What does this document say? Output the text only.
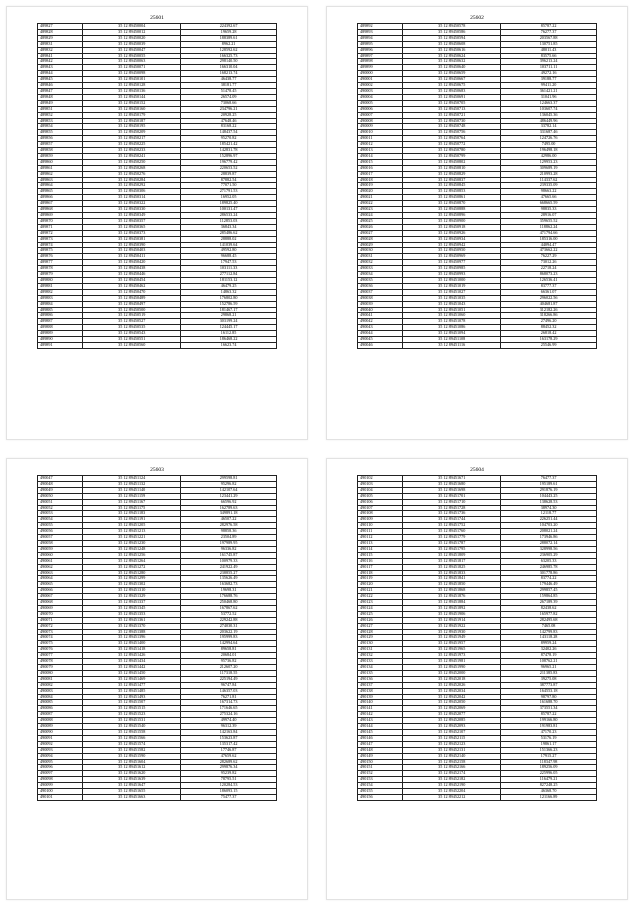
25601
489827	35 12 89450004	224392.67
489828	35 12 89450012	19659.28
489829	35 12 89450020	188389.61
489831	35 12 89450039	8962.21
489832	35 12 89450047	128592.62
489841	35 12 89450055	166325.73
489842	35 12 89450063	298140.50
489843	35 12 89450071	166310.04
489844	35 12 89450098	168213.74
489845	35 12 89450101	46438.77
489846	35 12 89450128	38181.77
489847	35 12 89450136	51478.45
489848	35 12 89450144	26574.09
489849	35 12 89450152	73068.66
489851	35 12 89450160	234796.21
489852	35 12 89450179	20928.25
489853	35 12 89450187	47648.46
489854	35 12 89450195	83168.22
489855	35 12 89450209	148437.54
489856	35 12 89450217	95270.82
489857	35 12 89450225	185421.42
489858	35 12 89450233	142831.78
489859	35 12 89450241	152896.97
489860	35 12 89450250	196779.42
489861	35 12 89450268	220653.52
489862	35 12 89450276	28839.87
489863	35 12 89450284	87882.54
489864	35 12 89450292	77071.50
489865	35 12 89450306	271791.53
489866	35 12 89450314	16952.05
489867	35 12 89450322	189825.40
489868	35 12 89450330	100131.47
489869	35 12 89450349	286533.24
489870	35 12 89450357	112853.03
489871	35 12 89450365	36843.34
489872	35 12 89450373	285486.62
489873	35 12 89450381	28888.02
489874	35 12 89450390	141039.64
489875	35 12 89450403	49592.80
489876	35 12 89450411	96688.45
489877	35 12 89450420	17947.53
489878	35 12 89450438	103111.33
489879	35 12 89450446	277112.84
489880	35 12 89450454	181153.12
489881	35 12 89450462	46479.25
489882	35 12 89450470	14863.32
489883	35 12 89450489	176802.80
489884	35 12 89450497	152786.59
489885	35 12 89450500	181467.17
489886	35 12 89450519	29868.21
489887	35 12 89450527	303199.24
489888	35 12 89450535	124445.17
489889	35 12 89450543	16112.85
489890	35 12 89450551	186468.22
489891	35 12 89450560	16623.74
25602
489892	35 12 89450578	85787.22
489893	35 12 89450586	76277.37
489894	35 12 89450594	203567.88
489895	35 12 89450608	130751.85
489896	35 12 89450616	48011.43
489897	35 12 89450624	83575.66
489898	35 12 89450632	396213.24
489899	35 12 89450640	103711.11
490000	35 12 89450659	49272.16
490001	35 12 89450667	39188.77
490002	35 12 89450675	99411.20
490003	35 12 89450683	361421.21
490004	35 12 89450691	31041.96
490005	35 12 89450705	124663.37
490006	35 12 89450713	103607.74
490007	35 12 89450721	136045.36
490008	35 12 89450730	486449.96
490009	35 12 89450748	33782.14
490010	35 12 89450756	331687.46
490011	35 12 89450764	124726.76
490012	35 12 89450772	7495.00
490013	35 12 89450780	196498.18
490014	35 12 89450799	42986.00
490015	35 12 89450802	129953.23
490016	35 12 89450810	309689.19
490017	35 12 89450829	210993.28
490018	35 12 89450837	114337.62
490019	35 12 89450845	239335.09
490020	35 12 89450853	98663.22
490021	35 12 89450861	47665.66
490022	35 12 89450870	668665.59
490023	35 12 89450888	98835.33
490024	35 12 89450896	28916.07
490025	35 12 89450900	359655.52
490026	35 12 89450918	118862.24
490027	35 12 89450926	471794.66
490028	35 12 89450934	185316.00
490029	35 12 89450942	44094.47
490030	35 12 89450950	473662.22
490031	35 12 89450969	76227.29
490032	35 12 89450977	73012.26
490033	35 12 89450985	22718.24
490034	35 12 89450993	868073.23
490035	35 12 89451000	126536.41
490036	35 12 89451019	83777.37
490037	35 12 89451027	66361.07
490038	35 12 89451035	296022.56
490039	35 12 89451043	404681.87
490040	35 12 89451051	312182.26
490041	35 12 89451060	318266.86
490042	35 12 89451078	27496.20
490043	35 12 89451086	88452.32
490044	35 12 89451094	26818.42
490045	35 12 89451108	163178.29
490046	35 12 89451116	25546.99
25603
490047	35 12 89451124	299598.81
490048	35 12 89451132	95296.82
490049	35 12 89451140	142107.64
490050	35 12 89451159	123441.29
490051	35 12 89451167	66596.92
490052	35 12 89451175	162789.63
490053	35 12 89451183	349891.18
490054	35 12 89451191	46507.22
490055	35 12 89451205	282976.58
490056	35 12 89451213	98858.36
490057	35 12 89451221	23504.89
490058	35 12 89451230	197989.95
490059	35 12 89451248	96336.82
490060	35 12 89451256	161745.87
490061	35 12 89451264	100979.33
490062	35 12 89451272	241922.49
490063	35 12 89451280	238855.27
490064	35 12 89451299	135626.49
490065	35 12 89451302	163682.73
490066	35 12 89451310	19698.31
490067	35 12 89451329	176688.76
490068	35 12 89451337	250468.80
490069	35 12 89451345	167867.62
490070	35 12 89451353	53772.52
490071	35 12 89451361	229242.88
490072	35 12 89451370	274030.31
490073	35 12 89451388	203622.19
490074	35 12 89451396	195999.83
490075	35 12 89451400	142994.64
490076	35 12 89451418	89658.81
490077	35 12 89451426	20684.01
490078	35 12 89451434	95736.82
490079	35 12 89451442	212607.20
490080	35 12 89451450	117318.55
490081	35 12 89451469	225194.49
490082	35 12 89451477	96747.84
490083	35 12 89451485	146357.03
490084	35 12 89451493	76271.81
490085	35 12 89451507	167314.73
490086	35 12 89451515	171646.65
490087	35 12 89451523	275324.16
490088	35 12 89451531	49974.40
490089	35 12 89451540	96312.39
490090	35 12 89451558	142163.84
490091	35 12 89451566	153623.87
490092	35 12 89451574	135317.42
490093	35 12 89451582	17746.87
490094	35 12 89451590	47659.62
490095	35 12 89451604	282689.62
490096	35 12 89451612	299876.34
490097	35 12 89451620	95239.82
490098	35 12 89451639	78795.51
490099	35 12 89451647	120284.53
490100	35 12 89451655	186093.15
490101	35 12 89451663	75477.37
25604
490102	35 12 89451671	76477.37
490103	35 12 89451680	195189.61
490104	35 12 89451698	291876.19
490105	35 12 89451701	104443.25
490106	35 12 89451710	138628.53
490107	35 12 89451728	38974.30
490108	35 12 89451736	12118.77
490109	35 12 89451744	226251.44
490110	35 12 89451752	104703.20
490111	35 12 89451760	208021.24
490112	35 12 89451779	173946.86
490113	35 12 89451787	288072.14
490114	35 12 89451795	328998.56
490115	35 12 89451809	236905.29
490116	35 12 89451817	63205.33
490117	35 12 89451825	246985.78
490118	35 12 89451833	301778.86
490119	35 12 89451841	83774.22
490120	35 12 89451850	179446.49
490121	35 12 89451868	299857.45
490122	35 12 89451876	159864.85
490123	35 12 89451884	267189.39
490124	35 12 89451892	82438.62
490125	35 12 89451906	165977.82
490126	35 12 89451914	282495.68
490127	35 12 89451922	7465.08
490128	35 12 89451930	142799.83
490129	35 12 89451949	143118.28
490130	35 12 89451957	89959.24
490131	35 12 89451965	32402.26
490132	35 12 89451973	87478.19
490133	35 12 89451981	108762.21
490134	35 12 89451990	96965.21
490135	35 12 89452000	211385.83
490136	35 12 89452018	39275.08
490137	35 12 89452026	387773.87
490138	35 12 89452034	164553.18
490139	35 12 89452042	98797.80
490140	35 12 89452050	161688.70
490141	35 12 89452069	373551.34
490142	35 12 89452077	85787.22
490143	35 12 89452085	199166.80
490144	35 12 89452093	191983.81
490145	35 12 89452107	47170.23
490146	35 12 89452115	53176.19
490147	35 12 89452123	19861.17
490148	35 12 89452131	151366.23
490149	35 12 89452140	17915.27
490150	35 12 89452158	118347.98
490151	35 12 89452166	189256.09
490152	35 12 89452174	225996.05
490153	35 12 89452182	116479.21
490154	35 12 89452190	827248.25
490155	35 12 89452204	46368.70
490156	35 12 89452212	121166.89
